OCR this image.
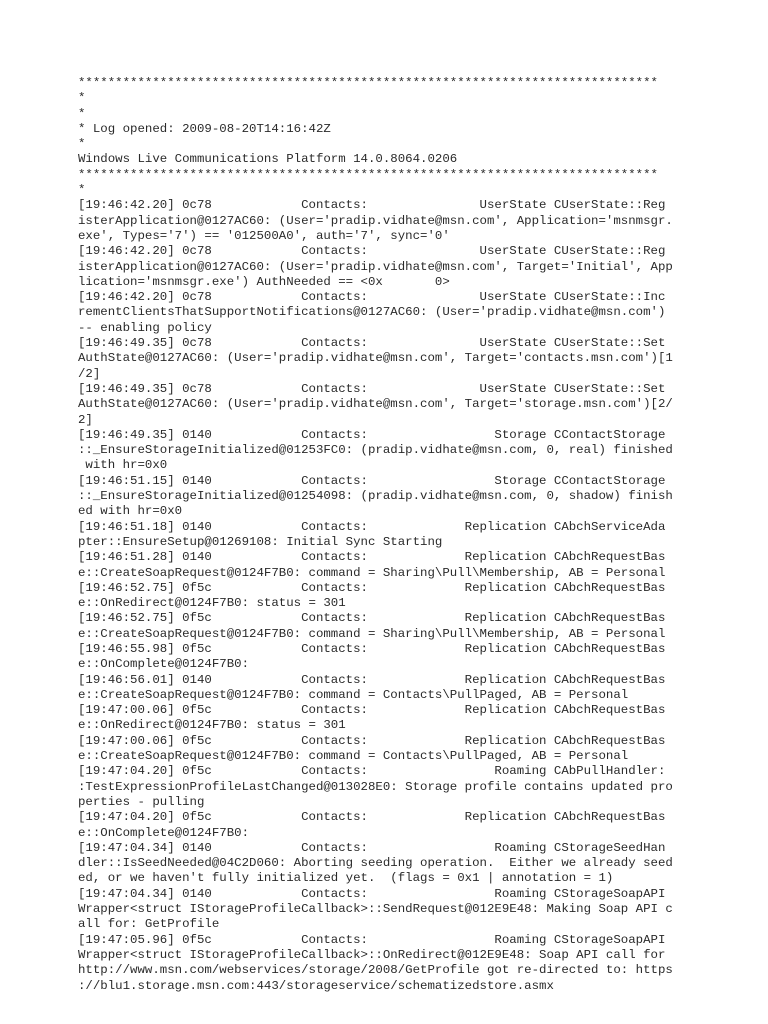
******************************************************************************
*
*
* Log opened: 2009-08-20T14:16:42Z
*
Windows Live Communications Platform 14.0.8064.0206
******************************************************************************
*
[19:46:42.20] 0c78            Contacts:               UserState CUserState::Reg
isterApplication@0127AC60: (User='pradip.vidhate@msn.com', Application='msnmsgr.
exe', Types='7') == '012500A0', auth='7', sync='0'
[19:46:42.20] 0c78            Contacts:               UserState CUserState::Reg
isterApplication@0127AC60: (User='pradip.vidhate@msn.com', Target='Initial', App
lication='msnmsgr.exe') AuthNeeded == <0x       0>
[19:46:42.20] 0c78            Contacts:               UserState CUserState::Inc
rementClientsThatSupportNotifications@0127AC60: (User='pradip.vidhate@msn.com')
-- enabling policy
[19:46:49.35] 0c78            Contacts:               UserState CUserState::Set
AuthState@0127AC60: (User='pradip.vidhate@msn.com', Target='contacts.msn.com')[1
/2]
[19:46:49.35] 0c78            Contacts:               UserState CUserState::Set
AuthState@0127AC60: (User='pradip.vidhate@msn.com', Target='storage.msn.com')[2/
2]
[19:46:49.35] 0140            Contacts:                 Storage CContactStorage
::_EnsureStorageInitialized@01253FC0: (pradip.vidhate@msn.com, 0, real) finished
with hr=0x0
[19:46:51.15] 0140            Contacts:                 Storage CContactStorage
::_EnsureStorageInitialized@01254098: (pradip.vidhate@msn.com, 0, shadow) finish
ed with hr=0x0
[19:46:51.18] 0140            Contacts:             Replication CAbchServiceAda
pter::EnsureSetup@01269108: Initial Sync Starting
[19:46:51.28] 0140            Contacts:             Replication CAbchRequestBas
e::CreateSoapRequest@0124F7B0: command = Sharing\Pull\Membership, AB = Personal
[19:46:52.75] 0f5c            Contacts:             Replication CAbchRequestBas
e::OnRedirect@0124F7B0: status = 301
[19:46:52.75] 0f5c            Contacts:             Replication CAbchRequestBas
e::CreateSoapRequest@0124F7B0: command = Sharing\Pull\Membership, AB = Personal
[19:46:55.98] 0f5c            Contacts:             Replication CAbchRequestBas
e::OnComplete@0124F7B0:
[19:46:56.01] 0140            Contacts:             Replication CAbchRequestBas
e::CreateSoapRequest@0124F7B0: command = Contacts\PullPaged, AB = Personal
[19:47:00.06] 0f5c            Contacts:             Replication CAbchRequestBas
e::OnRedirect@0124F7B0: status = 301
[19:47:00.06] 0f5c            Contacts:             Replication CAbchRequestBas
e::CreateSoapRequest@0124F7B0: command = Contacts\PullPaged, AB = Personal
[19:47:04.20] 0f5c            Contacts:                 Roaming CAbPullHandler:
:TestExpressionProfileLastChanged@013028E0: Storage profile contains updated pro
perties - pulling
[19:47:04.20] 0f5c            Contacts:             Replication CAbchRequestBas
e::OnComplete@0124F7B0:
[19:47:04.34] 0140            Contacts:                 Roaming CStorageSeedHan
dler::IsSeedNeeded@04C2D060: Aborting seeding operation.  Either we already seed
ed, or we haven't fully initialized yet.  (flags = 0x1 | annotation = 1)
[19:47:04.34] 0140            Contacts:                 Roaming CStorageSoapAPI
Wrapper<struct IStorageProfileCallback>::SendRequest@012E9E48: Making Soap API c
all for: GetProfile
[19:47:05.96] 0f5c            Contacts:                 Roaming CStorageSoapAPI
Wrapper<struct IStorageProfileCallback>::OnRedirect@012E9E48: Soap API call for
http://www.msn.com/webservices/storage/2008/GetProfile got re-directed to: https
://blu1.storage.msn.com:443/storageservice/schematizedstore.asmx
